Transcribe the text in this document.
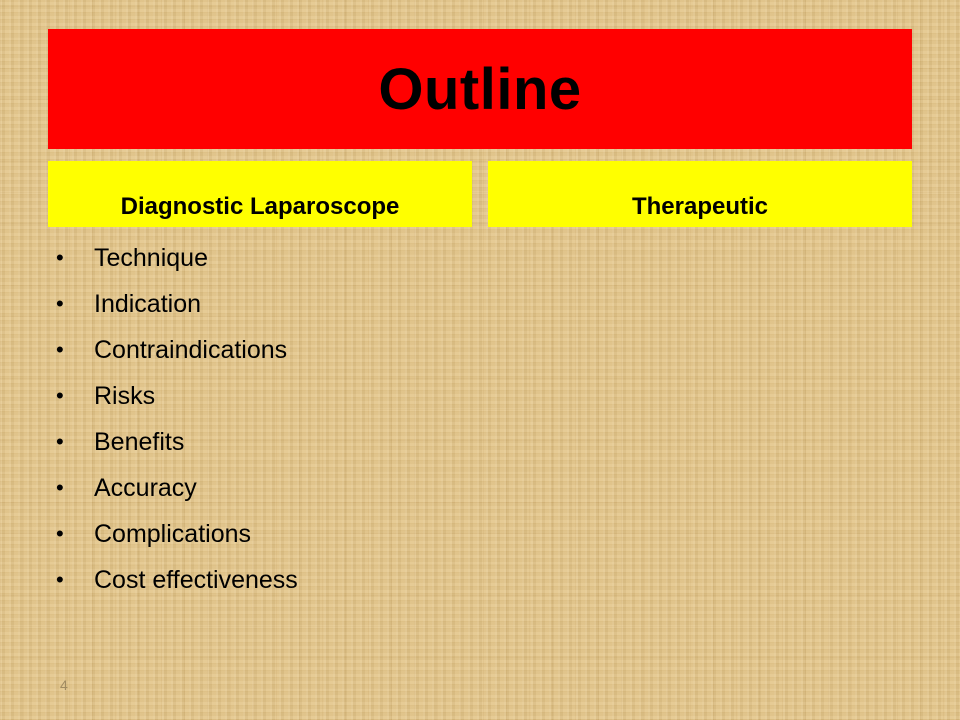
Outline
Diagnostic Laparoscope	Therapeutic
•	Technique
•	Indication
•	Contraindications
•	Risks
•	Benefits
•	Accuracy
•	Complications
•	Cost effectiveness
4
